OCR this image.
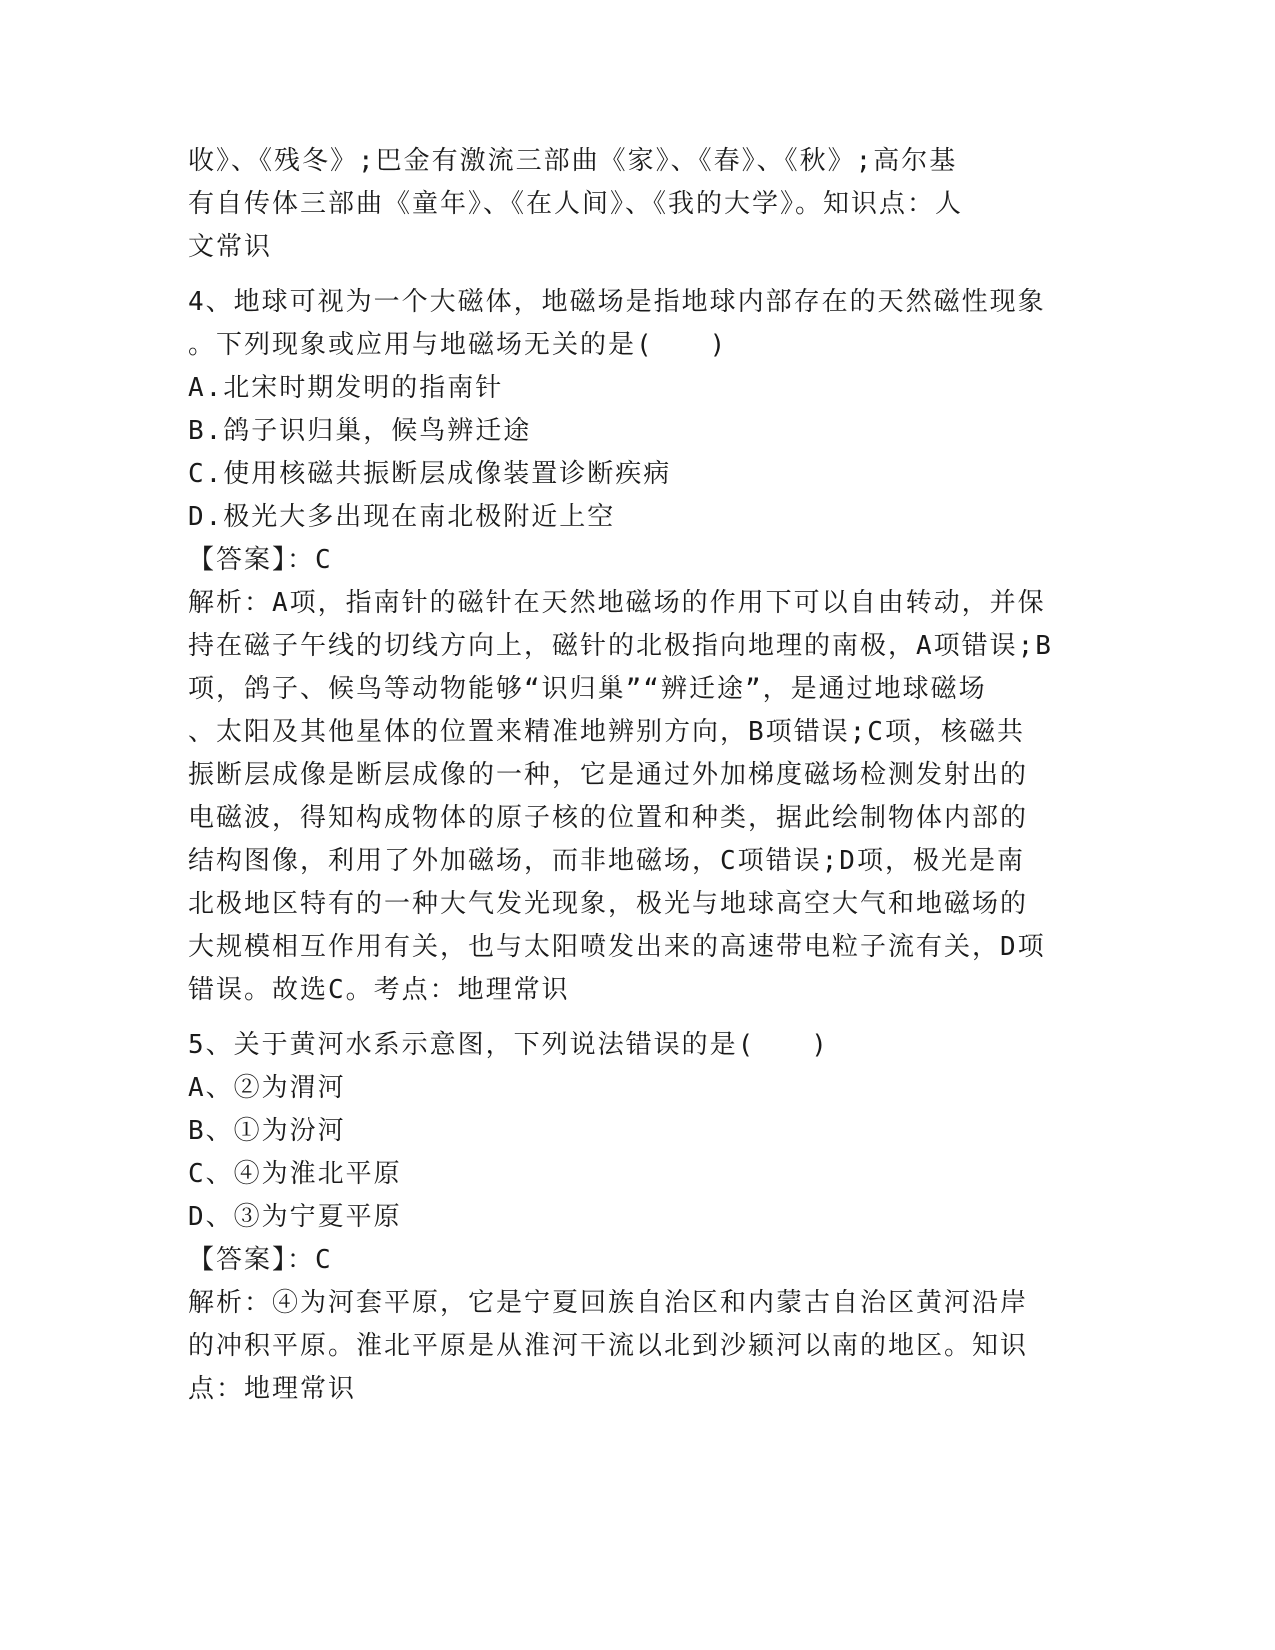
收》、《残冬》;巴金有激流三部曲《家》、《春》、《秋》;高尔基
有自传体三部曲《童年》、《在人间》、《我的大学》。知识点：人
文常识
4、地球可视为一个大磁体，地磁场是指地球内部存在的天然磁性现象
。下列现象或应用与地磁场无关的是(　　)
A.北宋时期发明的指南针
B.鸽子识归巢，候鸟辨迁途
C.使用核磁共振断层成像装置诊断疾病
D.极光大多出现在南北极附近上空
【答案】：C
解析：A项，指南针的磁针在天然地磁场的作用下可以自由转动，并保
持在磁子午线的切线方向上，磁针的北极指向地理的南极，A项错误;B
项，鸽子、候鸟等动物能够“识归巢”“辨迁途”，是通过地球磁场
、太阳及其他星体的位置来精准地辨别方向，B项错误;C项，核磁共
振断层成像是断层成像的一种，它是通过外加梯度磁场检测发射出的
电磁波，得知构成物体的原子核的位置和种类，据此绘制物体内部的
结构图像，利用了外加磁场，而非地磁场，C项错误;D项，极光是南
北极地区特有的一种大气发光现象，极光与地球高空大气和地磁场的
大规模相互作用有关，也与太阳喷发出来的高速带电粒子流有关，D项
错误。故选C。考点：地理常识
5、关于黄河水系示意图，下列说法错误的是(　　)
A、②为渭河
B、①为汾河
C、④为淮北平原
D、③为宁夏平原
【答案】：C
解析：④为河套平原，它是宁夏回族自治区和内蒙古自治区黄河沿岸
的冲积平原。淮北平原是从淮河干流以北到沙颍河以南的地区。知识
点：地理常识
